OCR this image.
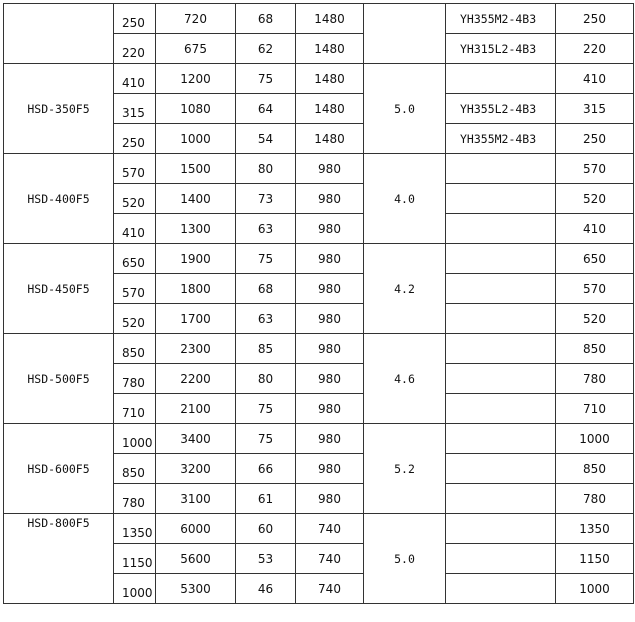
	250	720	68	1480		YH355M2-4B3	250
	220	675	62	1480		YH315L2-4B3	220
HSD-350F5	410	1200	75	1480	5.0		410
	315	1080	64	1480		YH355L2-4B3	315
	250	1000	54	1480		YH355M2-4B3	250
HSD-400F5	570	1500	80	980	4.0		570
	520	1400	73	980			520
	410	1300	63	980			410
HSD-450F5	650	1900	75	980	4.2		650
	570	1800	68	980			570
	520	1700	63	980			520
HSD-500F5	850	2300	85	980	4.6		850
	780	2200	80	980			780
	710	2100	75	980			710
HSD-600F5	1000	3400	75	980	5.2		1000
	850	3200	66	980			850
	780	3100	61	980			780
HSD-800F5	1350	6000	60	740	5.0		1350
	1150	5600	53	740			1150
	1000	5300	46	740			1000
